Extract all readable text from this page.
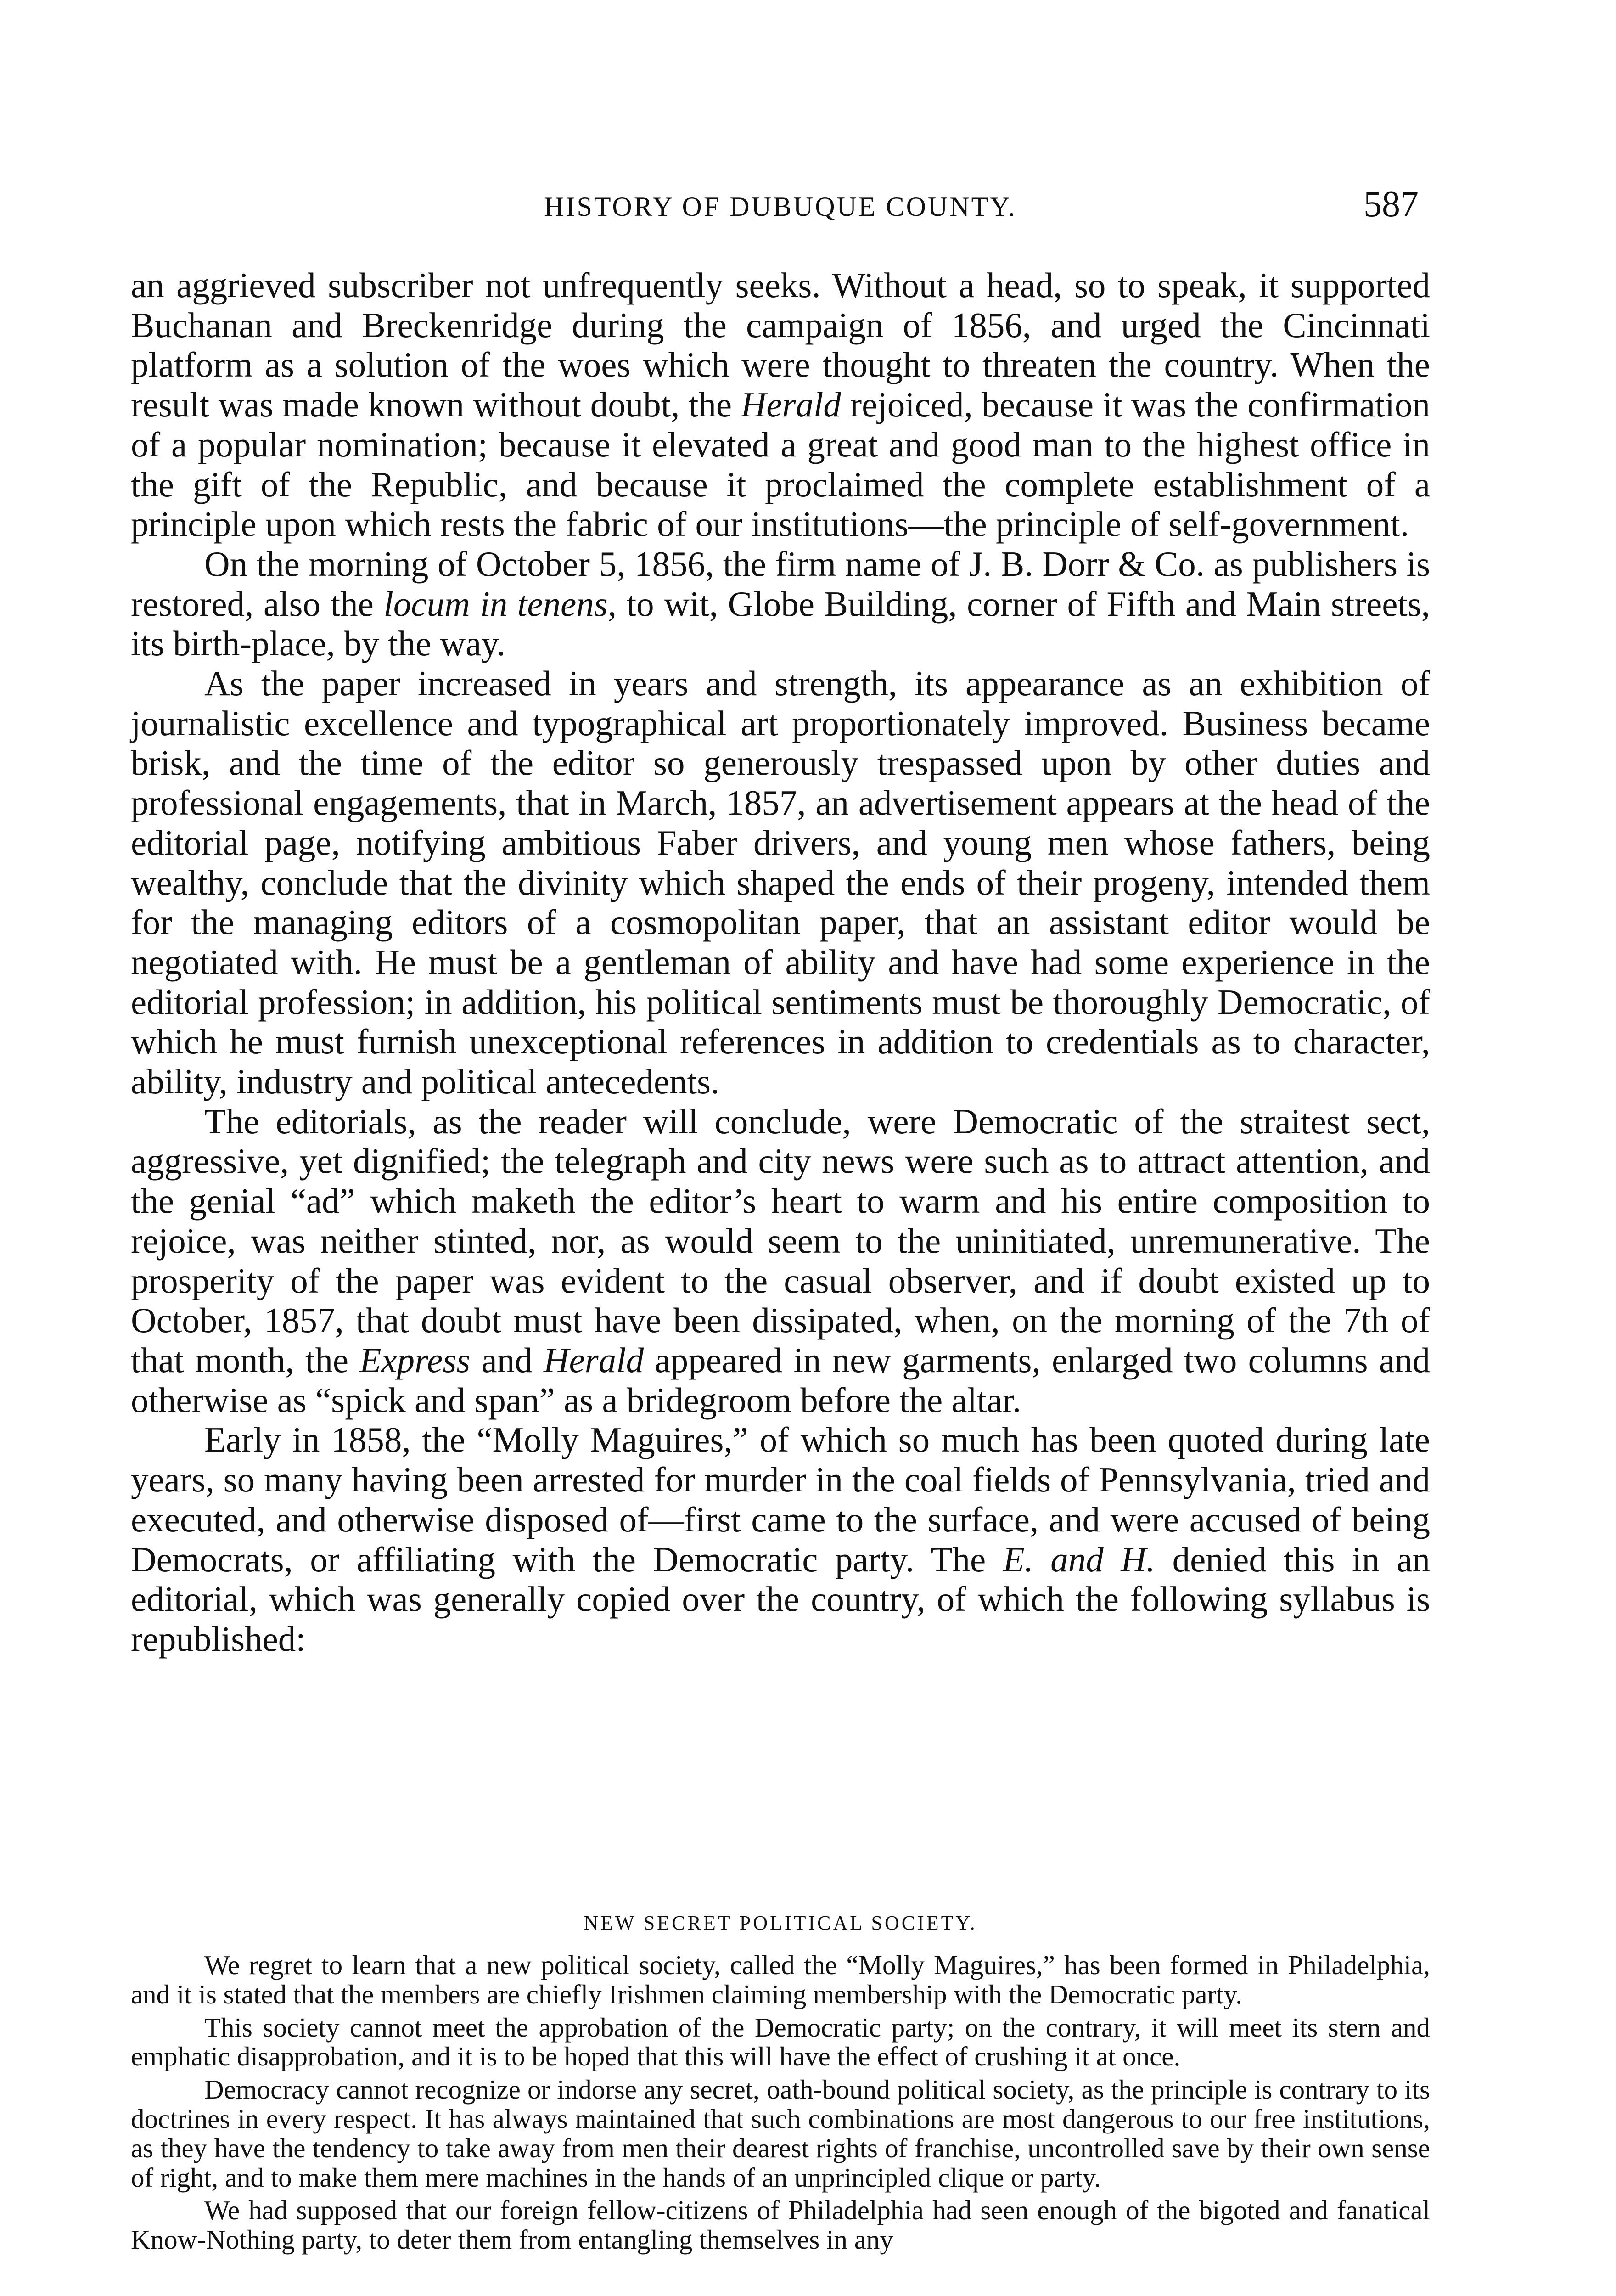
HISTORY OF DUBUQUE COUNTY.	587

an aggrieved subscriber not unfrequently seeks. Without a head, so to speak, it supported Buchanan and Breckenridge during the campaign of 1856, and urged the Cincinnati platform as a solution of the woes which were thought to threaten the country. When the result was made known without doubt, the Herald rejoiced, because it was the confirmation of a popular nomination; because it elevated a great and good man to the highest office in the gift of the Republic, and because it proclaimed the complete establishment of a principle upon which rests the fabric of our institutions—the principle of self-government.

On the morning of October 5, 1856, the firm name of J. B. Dorr & Co. as publishers is restored, also the locum in tenens, to wit, Globe Building, corner of Fifth and Main streets, its birth-place, by the way.

As the paper increased in years and strength, its appearance as an exhibition of journalistic excellence and typographical art proportionately improved. Business became brisk, and the time of the editor so generously trespassed upon by other duties and professional engagements, that in March, 1857, an advertisement appears at the head of the editorial page, notifying ambitious Faber drivers, and young men whose fathers, being wealthy, conclude that the divinity which shaped the ends of their progeny, intended them for the managing editors of a cosmopolitan paper, that an assistant editor would be negotiated with. He must be a gentleman of ability and have had some experience in the editorial profession; in addition, his political sentiments must be thoroughly Democratic, of which he must furnish unexceptional references in addition to credentials as to character, ability, industry and political antecedents.

The editorials, as the reader will conclude, were Democratic of the straitest sect, aggressive, yet dignified; the telegraph and city news were such as to attract attention, and the genial “ad” which maketh the editor’s heart to warm and his entire composition to rejoice, was neither stinted, nor, as would seem to the uninitiated, unremunerative. The prosperity of the paper was evident to the casual observer, and if doubt existed up to October, 1857, that doubt must have been dissipated, when, on the morning of the 7th of that month, the Express and Herald appeared in new garments, enlarged two columns and otherwise as “spick and span” as a bridegroom before the altar.

Early in 1858, the “Molly Maguires,” of which so much has been quoted during late years, so many having been arrested for murder in the coal fields of Pennsylvania, tried and executed, and otherwise disposed of—first came to the surface, and were accused of being Democrats, or affiliating with the Democratic party. The E. and H. denied this in an editorial, which was generally copied over the country, of which the following syllabus is republished:

NEW SECRET POLITICAL SOCIETY.

We regret to learn that a new political society, called the “Molly Maguires,” has been formed in Philadelphia, and it is stated that the members are chiefly Irishmen claiming membership with the Democratic party.

This society cannot meet the approbation of the Democratic party; on the contrary, it will meet its stern and emphatic disapprobation, and it is to be hoped that this will have the effect of crushing it at once.

Democracy cannot recognize or indorse any secret, oath-bound political society, as the principle is contrary to its doctrines in every respect. It has always maintained that such combinations are most dangerous to our free institutions, as they have the tendency to take away from men their dearest rights of franchise, uncontrolled save by their own sense of right, and to make them mere machines in the hands of an unprincipled clique or party.

We had supposed that our foreign fellow-citizens of Philadelphia had seen enough of the bigoted and fanatical Know-Nothing party, to deter them from entangling themselves in any
